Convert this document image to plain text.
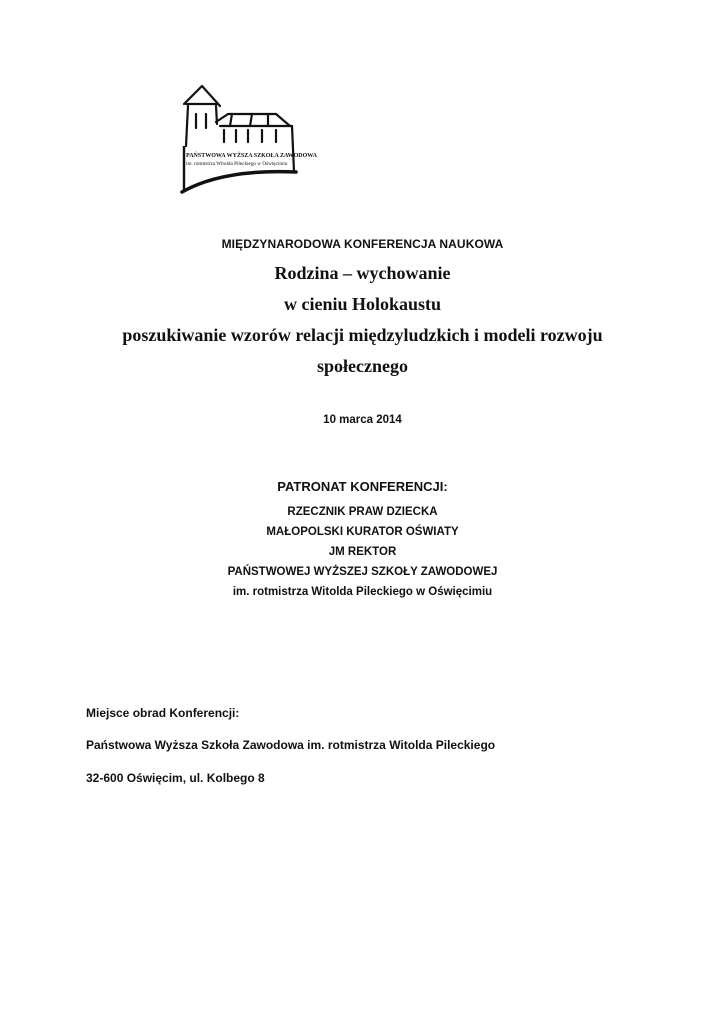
PAŃSTWOWA WYŻSZA SZKOŁA ZAWODOWA
im. rotmistrza Witolda Pileckiego w Oświęcimiu
MIĘDZYNARODOWA KONFERENCJA NAUKOWA
Rodzina – wychowanie
w cieniu Holokaustu
poszukiwanie wzorów relacji międzyludzkich i modeli rozwoju
społecznego
10 marca 2014
PATRONAT KONFERENCJI:
RZECZNIK PRAW DZIECKA
MAŁOPOLSKI KURATOR OŚWIATY
JM REKTOR
PAŃSTWOWEJ WYŻSZEJ SZKOŁY ZAWODOWEJ
im. rotmistrza Witolda Pileckiego w Oświęcimiu
Miejsce obrad Konferencji:
Państwowa Wyższa Szkoła Zawodowa im. rotmistrza Witolda Pileckiego
32-600 Oświęcim, ul. Kolbego 8
